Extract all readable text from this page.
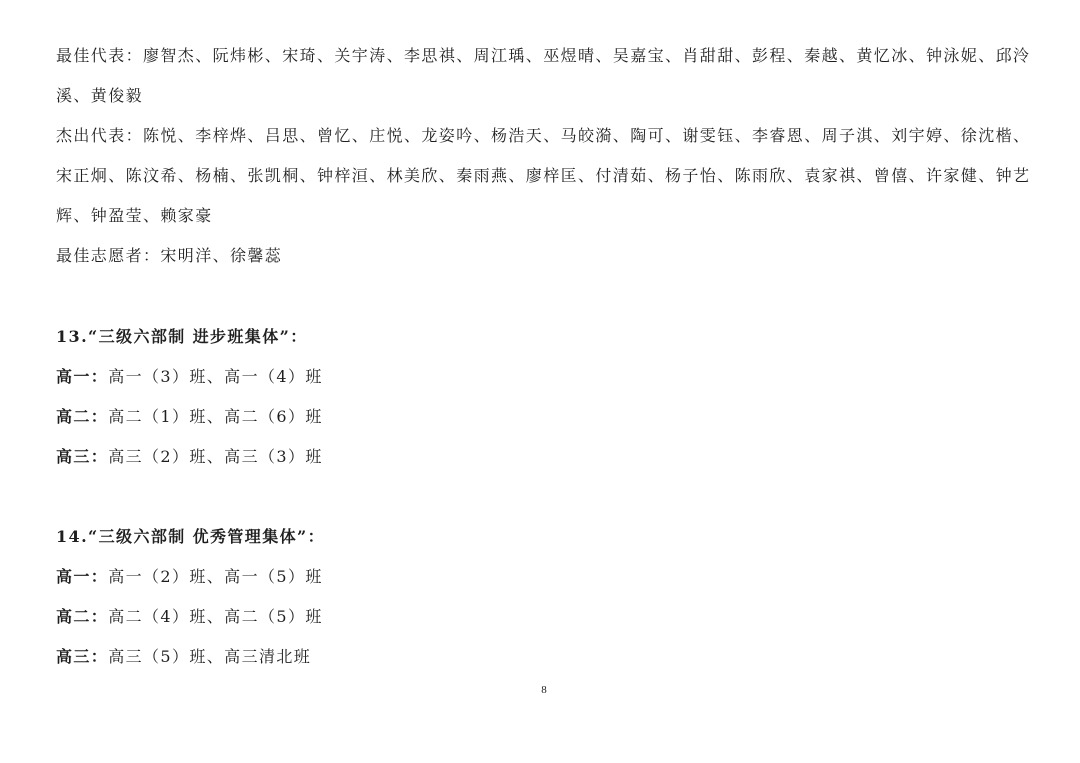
最佳代表：廖智杰、阮炜彬、宋琦、关宇涛、李思祺、周江瑀、巫煜晴、吴嘉宝、肖甜甜、彭程、秦越、黄忆冰、钟泳妮、邱泠溪、黄俊毅

杰出代表：陈悦、李梓烨、吕思、曾忆、庄悦、龙姿吟、杨浩天、马皎漪、陶可、谢雯钰、李睿恩、周子淇、刘宇婷、徐沈楷、宋正炯、陈汶希、杨楠、张凯桐、钟梓洹、林美欣、秦雨燕、廖梓匡、付清茹、杨子怡、陈雨欣、袁家祺、曾僖、许家健、钟艺辉、钟盈莹、赖家豪

最佳志愿者：宋明洋、徐馨蕊

13.“三级六部制 进步班集体”：

高一：高一（3）班、高一（4）班

高二：高二（1）班、高二（6）班

高三：高三（2）班、高三（3）班

14.“三级六部制 优秀管理集体”：

高一：高一（2）班、高一（5）班

高二：高二（4）班、高二（5）班

高三：高三（5）班、高三清北班

8
